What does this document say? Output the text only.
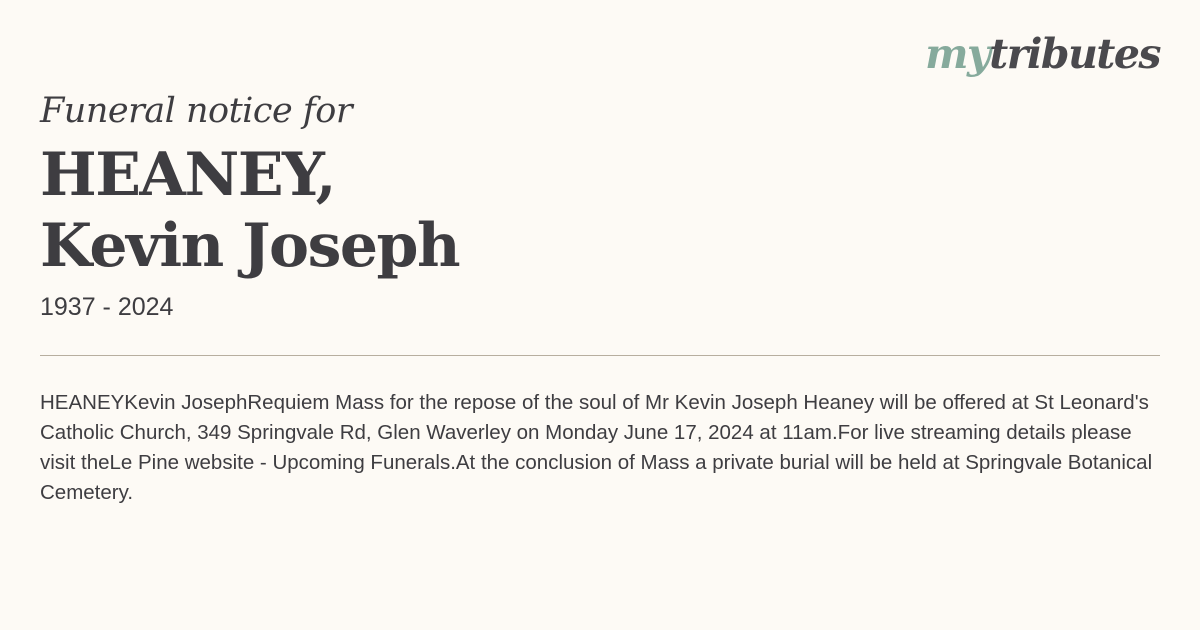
mytributes

Funeral notice for

HEANEY,
Kevin Joseph

1937 - 2024

HEANEYKevin JosephRequiem Mass for the repose of the soul of Mr Kevin Joseph Heaney will be offered at St Leonard's Catholic Church, 349 Springvale Rd, Glen Waverley on Monday June 17, 2024 at 11am.For live streaming details please visit theLe Pine website - Upcoming Funerals.At the conclusion of Mass a private burial will be held at Springvale Botanical Cemetery.
